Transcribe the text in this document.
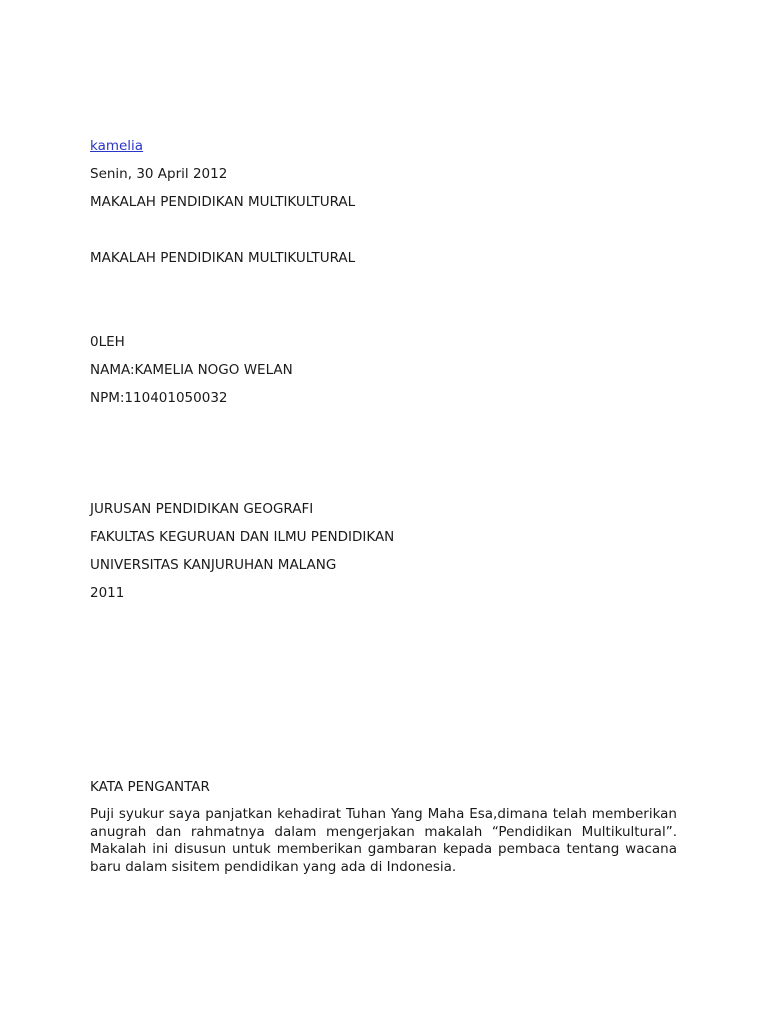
kamelia
Senin, 30 April 2012
MAKALAH PENDIDIKAN MULTIKULTURAL
MAKALAH PENDIDIKAN MULTIKULTURAL
0LEH
NAMA:KAMELIA NOGO WELAN
NPM:110401050032
JURUSAN PENDIDIKAN GEOGRAFI
FAKULTAS KEGURUAN DAN ILMU PENDIDIKAN
UNIVERSITAS KANJURUHAN MALANG
2011
KATA PENGANTAR
Puji syukur saya panjatkan kehadirat Tuhan Yang Maha Esa,dimana telah memberikan anugrah dan rahmatnya dalam mengerjakan makalah “Pendidikan Multikultural”. Makalah ini disusun untuk memberikan gambaran kepada pembaca tentang wacana baru dalam sisitem pendidikan yang ada di Indonesia.
